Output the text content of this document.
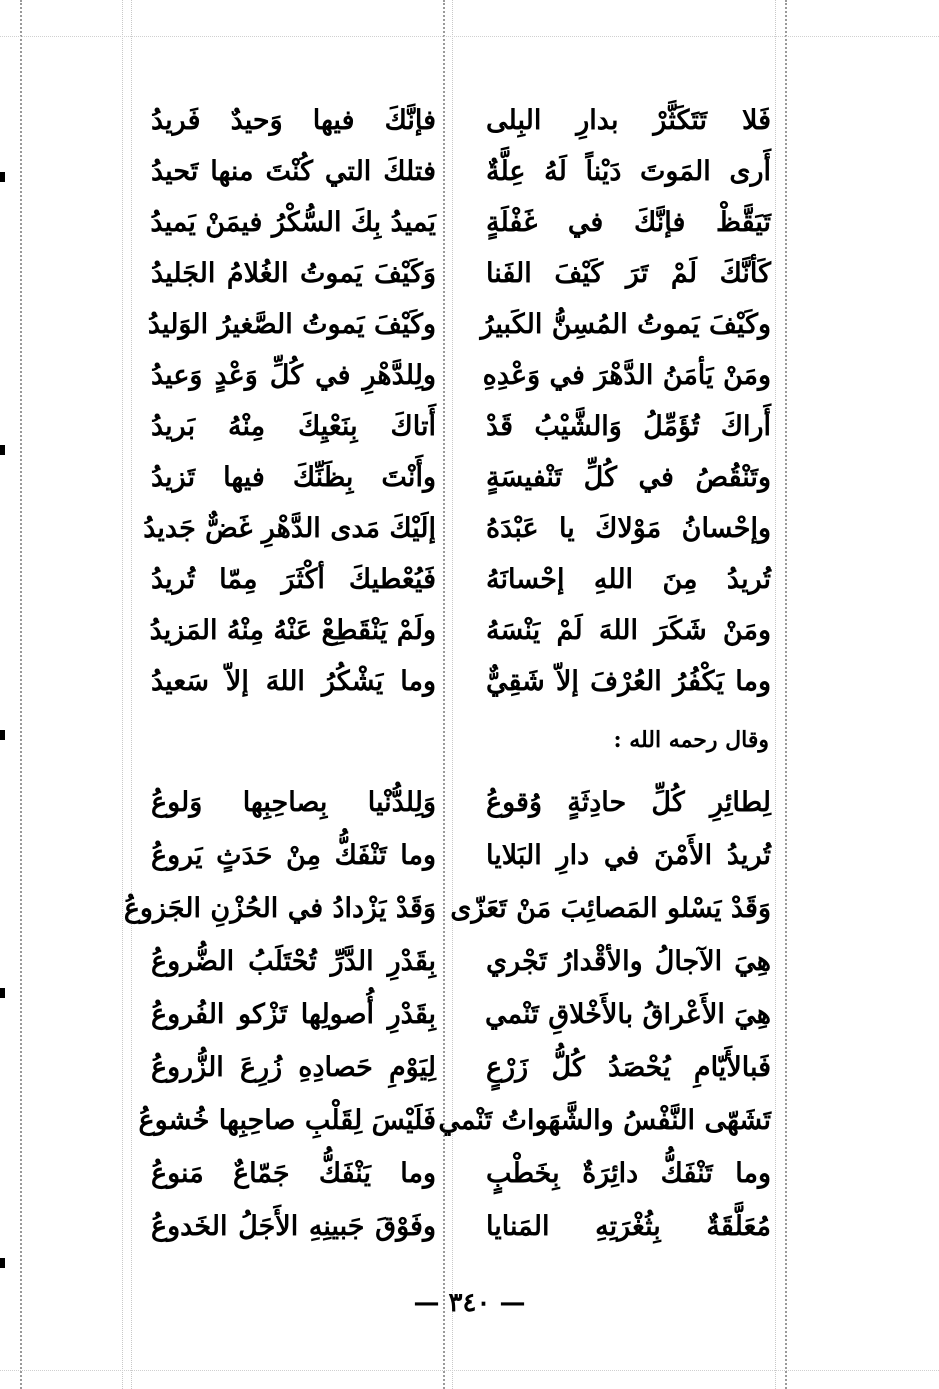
فَلا تَتَكَثَّرْ بدارِ البِلى
فإنَّكَ فيها وَحيدٌ فَريدُ
أَرى المَوتَ دَيْناً لَهُ عِلَّةٌ
فتلكَ التي كُنْتَ منها تَحيدُ
تَيَقَّظْ فإنَّكَ في غَفْلَةٍ
يَميدُ بِكَ السُّكْرُ فيمَنْ يَميدُ
كَأنَّكَ لَمْ تَرَ كَيْفَ الفَنا
وَكَيْفَ يَموتُ الغُلامُ الجَليدُ
وكَيْفَ يَموتُ المُسِنُّ الكَبيرُ
وكَيْفَ يَموتُ الصَّغيرُ الوَليدُ
ومَنْ يَأمَنُ الدَّهْرَ في وَعْدِهِ
ولِلدَّهْرِ في كُلِّ وَعْدٍ وَعيدُ
أَراكَ تُؤَمِّلُ وَالشَّيْبُ قَدْ
أَتاكَ بِنَعْيِكَ مِنْهُ بَريدُ
وتَنْقُصُ في كُلِّ تَنْفيسَةٍ
وأَنْتَ بِظَنِّكَ فيها تَزيدُ
وإحْسانُ مَوْلاكَ يا عَبْدَهُ
إلَيْكَ مَدى الدَّهْرِ غَضٌّ جَديدُ
تُريدُ مِنَ اللهِ إحْسانَهُ
فَيُعْطيكَ أكْثَرَ مِمّا تُريدُ
ومَنْ شَكَرَ اللهَ لَمْ يَنْسَهُ
ولَمْ يَنْقَطِعْ عَنْهُ مِنْهُ المَزيدُ
وما يَكْفُرُ العُرْفَ إلاّ شَقِيٌّ
وما يَشْكُرُ اللهَ إلاّ سَعيدُ
وقال رحمه الله :
لِطائِرِ كُلِّ حادِثَةٍ وُقوعُ
وَلِلدُّنْيا بِصاحِبِها وَلوعُ
تُريدُ الأَمْنَ في دارِ البَلايا
وما تَنْفَكُّ مِنْ حَدَثٍ يَروعُ
وَقَدْ يَسْلو المَصائِبَ مَنْ تَعَزّى
وَقَدْ يَزْدادُ في الحُزْنِ الجَزوعُ
هِيَ الآجالُ والأقْدارُ تَجْري
بِقَدْرِ الدَّرِّ تُحْتَلَبُ الضُّروعُ
هِيَ الأَعْراقُ بالأَخْلاقِ تَنْمي
بِقَدْرِ أُصولِها تَزْكو الفُروعُ
فَبالأَيّامِ يُحْصَدُ كُلُّ زَرْعٍ
لِيَوْمِ حَصادِهِ زُرِعَ الزُّروعُ
تَشَهّى النَّفْسُ والشَّهَواتُ تَنْمي
فَلَيْسَ لِقَلْبِ صاحِبِها خُشوعُ
وما تَنْفَكُّ دائِرَةٌ بِخَطْبٍ
وما يَنْفَكُّ جَمّاعٌ مَنوعُ
مُعَلَّقَةٌ بِثُغْرَتِهِ المَنايا
وفَوْقَ جَبينِهِ الأَجَلُ الخَدوعُ
— ٣٤٠ —
